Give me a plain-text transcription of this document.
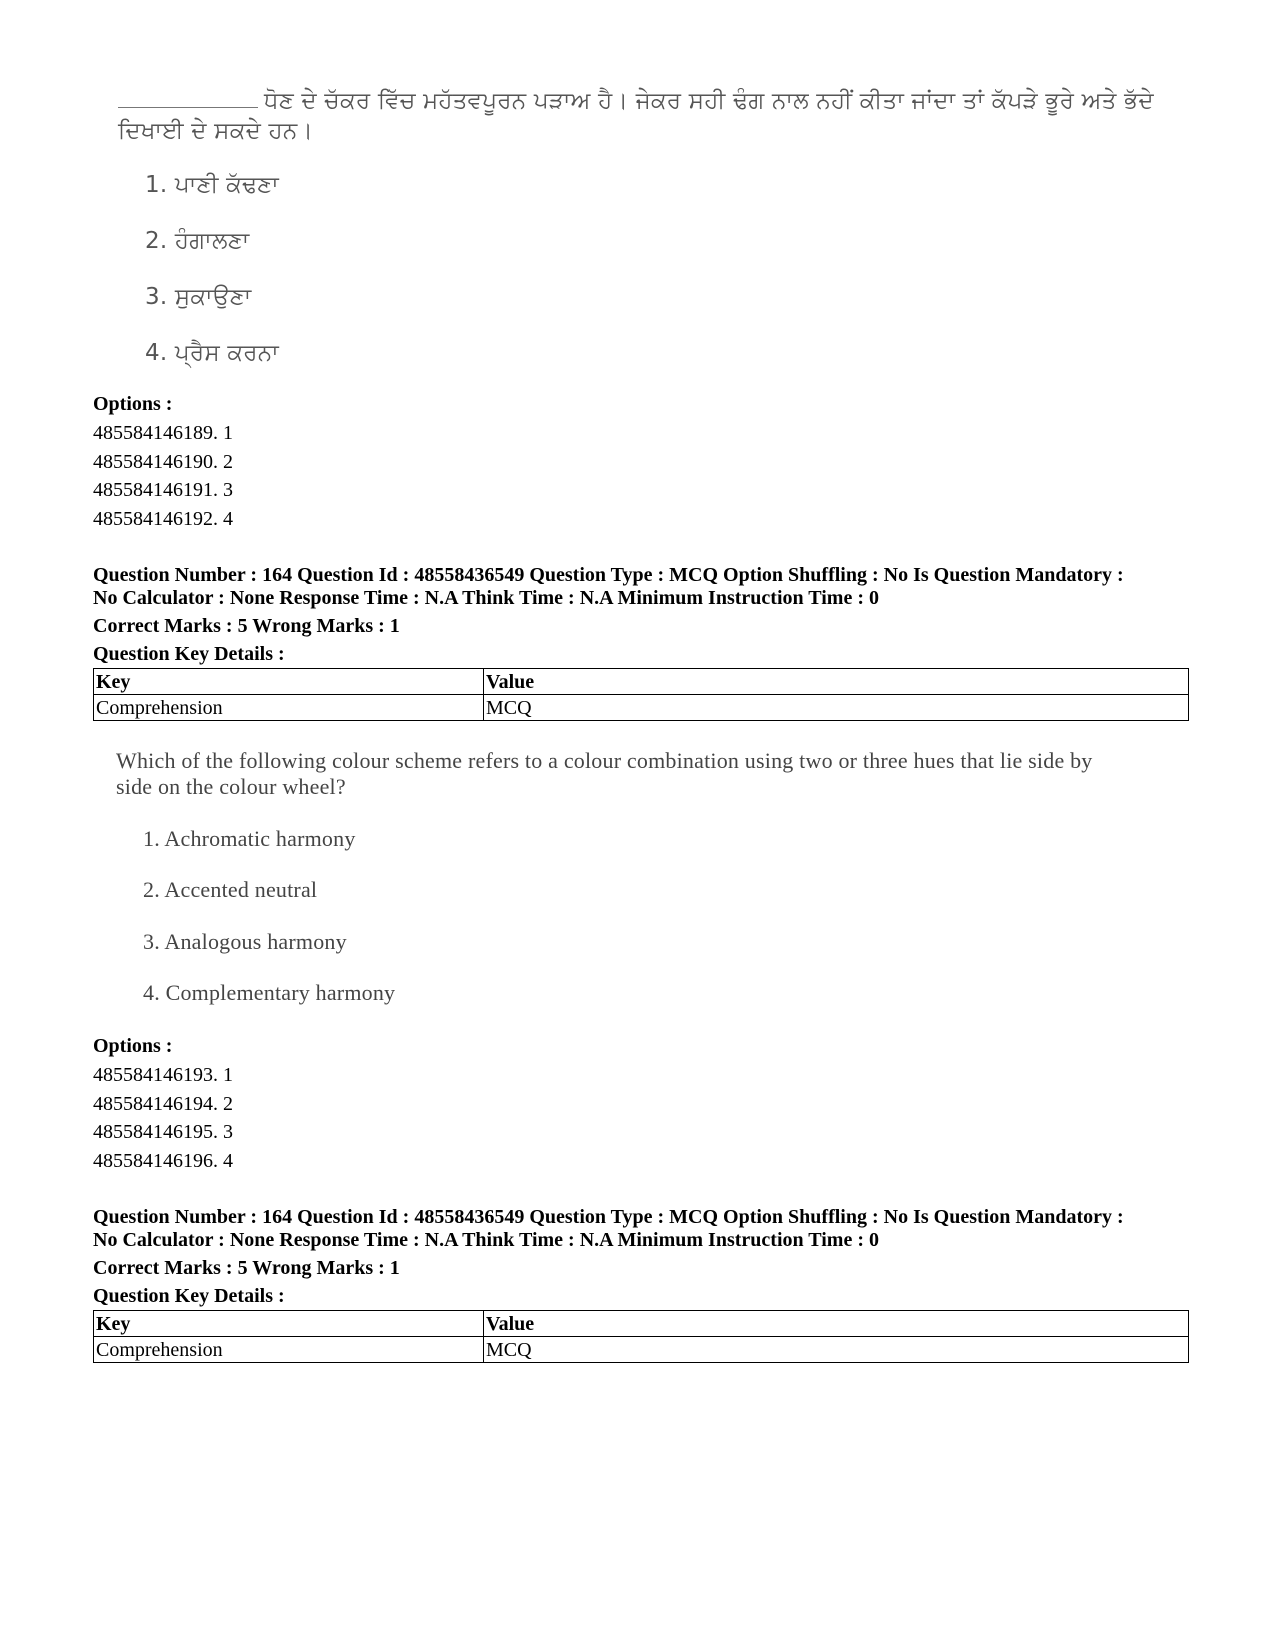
ਧੋਣ ਦੇ ਚੱਕਰ ਵਿੱਚ ਮਹੱਤਵਪੂਰਨ ਪੜਾਅ ਹੈ। ਜੇਕਰ ਸਹੀ ਢੰਗ ਨਾਲ ਨਹੀਂ ਕੀਤਾ ਜਾਂਦਾ ਤਾਂ ਕੱਪੜੇ ਭੂਰੇ ਅਤੇ ਭੱਦੇ
ਦਿਖਾਈ ਦੇ ਸਕਦੇ ਹਨ।
1. ਪਾਣੀ ਕੱਢਣਾ
2. ਹੰਗਾਲਣਾ
3. ਸੁਕਾਉਣਾ
4. ਪ੍ਰੈਸ ਕਰਨਾ
Options :
485584146189. 1
485584146190. 2
485584146191. 3
485584146192. 4
Question Number : 164 Question Id : 48558436549 Question Type : MCQ Option Shuffling : No Is Question Mandatory :
No Calculator : None Response Time : N.A Think Time : N.A Minimum Instruction Time : 0
Correct Marks : 5 Wrong Marks : 1
Question Key Details :
Key	Value
Comprehension	MCQ
Which of the following colour scheme refers to a colour combination using two or three hues that lie side by
side on the colour wheel?
1. Achromatic harmony
2. Accented neutral
3. Analogous harmony
4. Complementary harmony
Options :
485584146193. 1
485584146194. 2
485584146195. 3
485584146196. 4
Question Number : 164 Question Id : 48558436549 Question Type : MCQ Option Shuffling : No Is Question Mandatory :
No Calculator : None Response Time : N.A Think Time : N.A Minimum Instruction Time : 0
Correct Marks : 5 Wrong Marks : 1
Question Key Details :
Key	Value
Comprehension	MCQ
